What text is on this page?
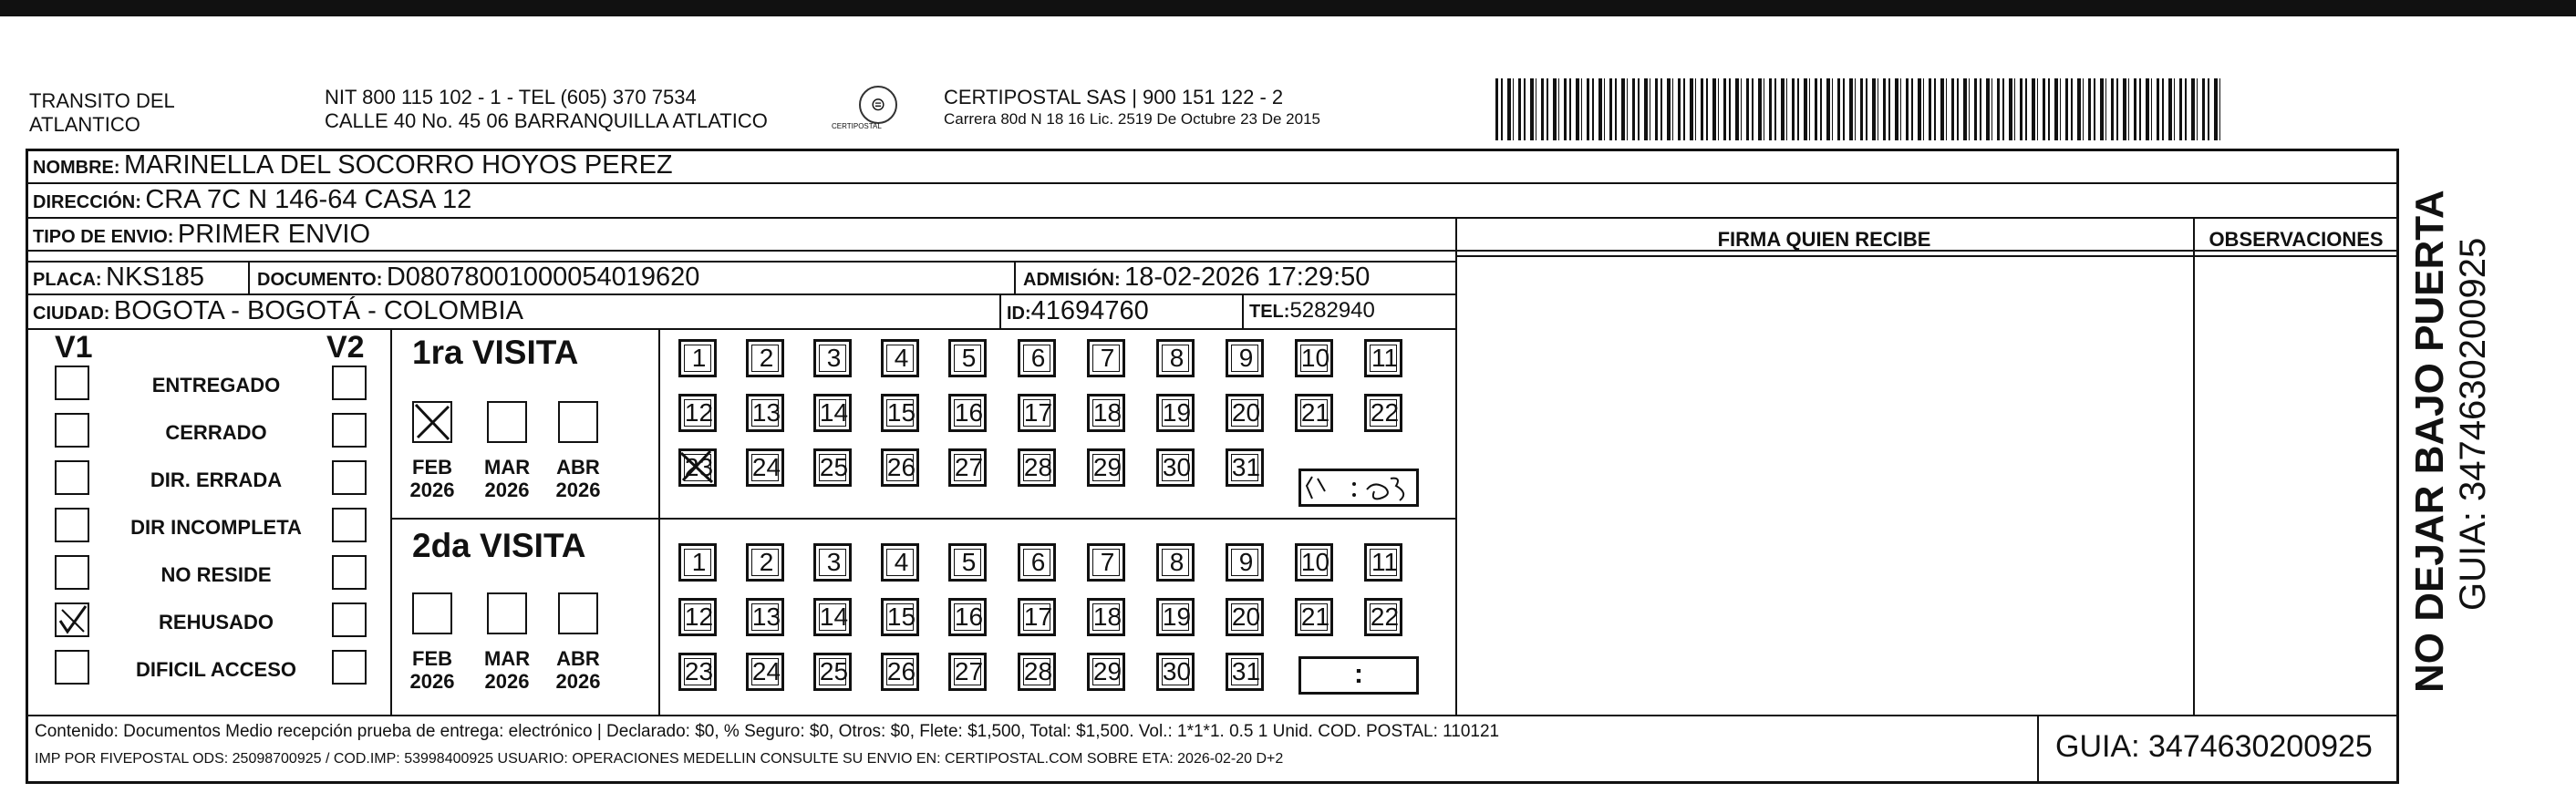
TRANSITO DEL
ATLANTICO
NIT 800 115 102 - 1 - TEL (605) 370 7534
CALLE 40 No. 45 06 BARRANQUILLA ATLATICO
⊜
CERTIPOSTAL
CERTIPOSTAL SAS | 900 151 122 - 2
Carrera 80d N 18 16 Lic. 2519 De Octubre 23 De 2015
NOMBRE: MARINELLA DEL SOCORRO HOYOS PEREZ
DIRECCIÓN: CRA 7C N 146-64 CASA 12
TIPO DE ENVIO: PRIMER ENVIO
PLACA: NKS185	DOCUMENTO: D08078001000054019620	ADMISIÓN: 18-02-2026 17:29:50
CIUDAD: BOGOTA - BOGOTÁ - COLOMBIA	ID:41694760	TEL:5282940
FIRMA QUIEN RECIBE	OBSERVACIONES
V1	V2
ENTREGADO
CERRADO
DIR. ERRADA
DIR INCOMPLETA
NO RESIDE
REHUSADO
DIFICIL ACCESO
1ra VISITA
FEB
2026
MAR
2026
ABR
2026
1	2	3	4	5	6	7	8	9	10 11
12 13 14 15 16 17 18 19 20 21 22
23 24 25 26 27 28 29 30 31
2da VISITA
FEB
2026
MAR
2026
ABR
2026
1	2	3	4	5	6	7	8	9	10 11
12 13 14 15 16 17 18 19 20 21 22
23 24 25 26 27 28 29 30 31	:
Contenido: Documentos Medio recepción prueba de entrega: electrónico | Declarado: $0, % Seguro: $0, Otros: $0, Flete: $1,500, Total: $1,500. Vol.: 1*1*1. 0.5 1 Unid. COD. POSTAL: 110121
IMP POR FIVEPOSTAL ODS: 25098700925 / COD.IMP: 53998400925 USUARIO: OPERACIONES MEDELLIN CONSULTE SU ENVIO EN: CERTIPOSTAL.COM SOBRE ETA: 2026-02-20 D+2	GUIA: 3474630200925
NO DEJAR BAJO PUERTA GUIA: 3474630200925
